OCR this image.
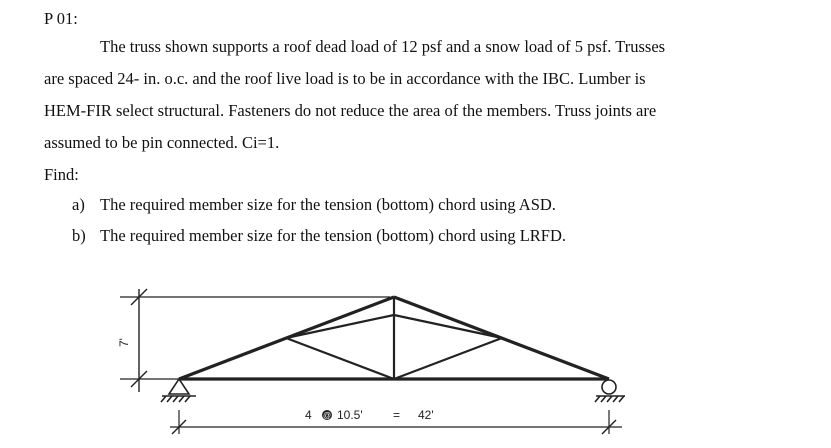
P 01:
The truss shown supports a roof dead load of 12 psf and a snow load of 5 psf. Trusses
are spaced 24- in. o.c. and the roof live load is to be in accordance with the IBC. Lumber is
HEM-FIR select structural. Fasteners do not reduce the area of the members. Truss joints are
assumed to be pin connected. Ci=1.
Find:
a) The required member size for the tension (bottom) chord using ASD.
b) The required member size for the tension (bottom) chord using LRFD.
7'
4 @ 10.5'	= 42'
